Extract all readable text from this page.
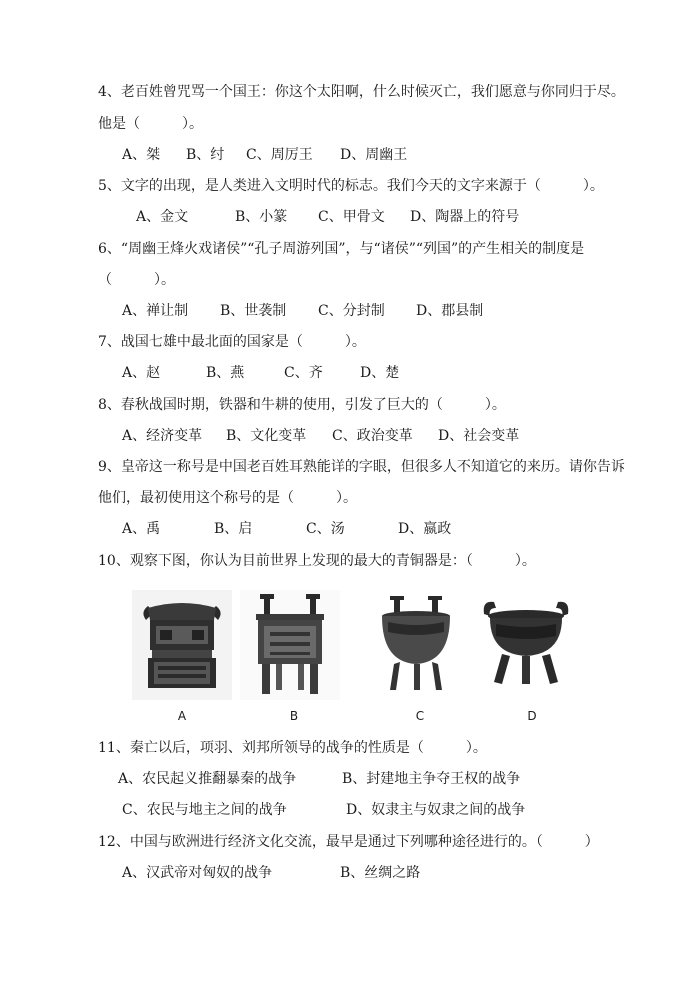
4、老百姓曾咒骂一个国王：你这个太阳啊，什么时候灭亡，我们愿意与你同归于尽。
他是（　　　）。
A、桀 B、纣 C、周厉王 D、周幽王
5、文字的出现，是人类进入文明时代的标志。我们今天的文字来源于（　　　）。
A、金文	B、小篆 C、甲骨文 D、陶器上的符号
6、“周幽王烽火戏诸侯”“孔子周游列国”，与“诸侯”“列国”的产生相关的制度是
（　　　）。
A、禅让制 B、世袭制 C、分封制 D、郡县制
7、战国七雄中最北面的国家是（　　　）。
A、赵	B、燕	C、齐	D、楚
8、春秋战国时期，铁器和牛耕的使用，引发了巨大的（　　　）。
A、经济变革 B、文化变革 C、政治变革 D、社会变革
9、皇帝这一称号是中国老百姓耳熟能详的字眼，但很多人不知道它的来历。请你告诉
他们，最初使用这个称号的是（　　　）。
A、禹	B、启	C、汤	D、嬴政
10、观察下图，你认为目前世界上发现的最大的青铜器是：（　　　）。
A	B	C	D
11、秦亡以后，项羽、刘邦所领导的战争的性质是（　　　）。
A、农民起义推翻暴秦的战争	B、封建地主争夺王权的战争
C、农民与地主之间的战争	D、奴隶主与奴隶之间的战争
12、中国与欧洲进行经济文化交流，最早是通过下列哪种途径进行的。（　　　）
A、汉武帝对匈奴的战争	B、丝绸之路
